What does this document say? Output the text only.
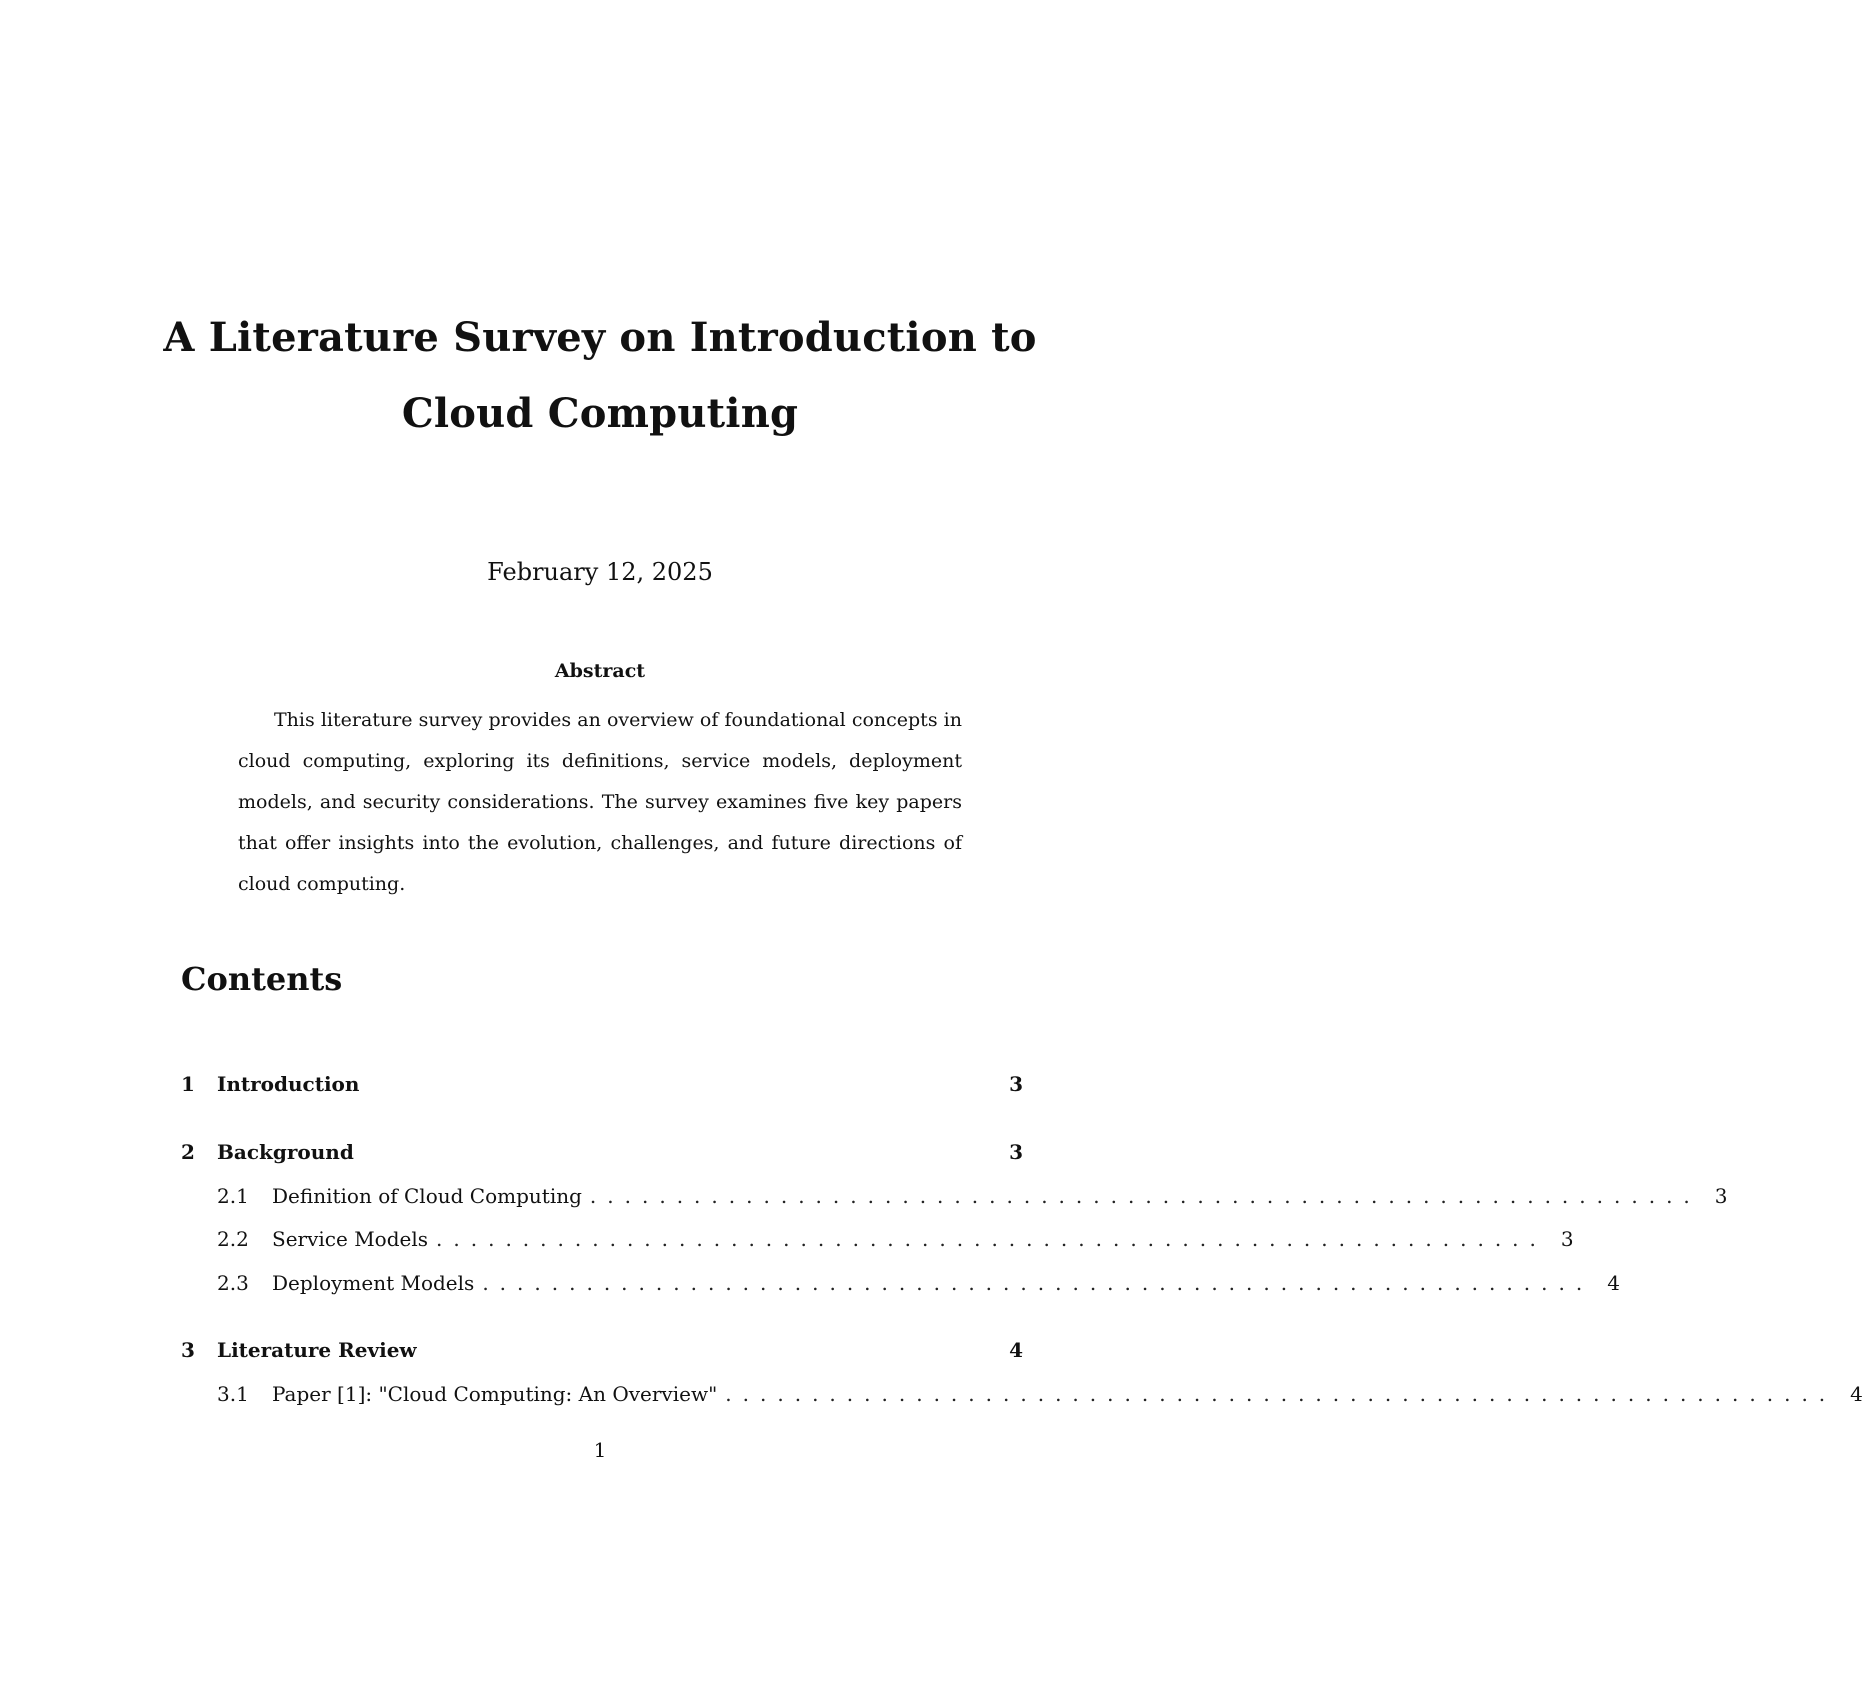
A Literature Survey on Introduction to
Cloud Computing
February 12, 2025
Abstract
This literature survey provides an overview of foundational concepts in cloud computing, exploring its definitions, service models, deployment models, and security considerations. The survey examines five key papers that offer insights into the evolution, challenges, and future directions of cloud computing.
Contents
1	Introduction	3
2	Background	3
2.1	Definition of Cloud Computing ................................................................ 3
2.2	Service Models ................................................................ 3
2.3	Deployment Models ................................................................ 4
3	Literature Review	4
3.1	Paper [1]: "Cloud Computing: An Overview" ................................................................ 4
1
